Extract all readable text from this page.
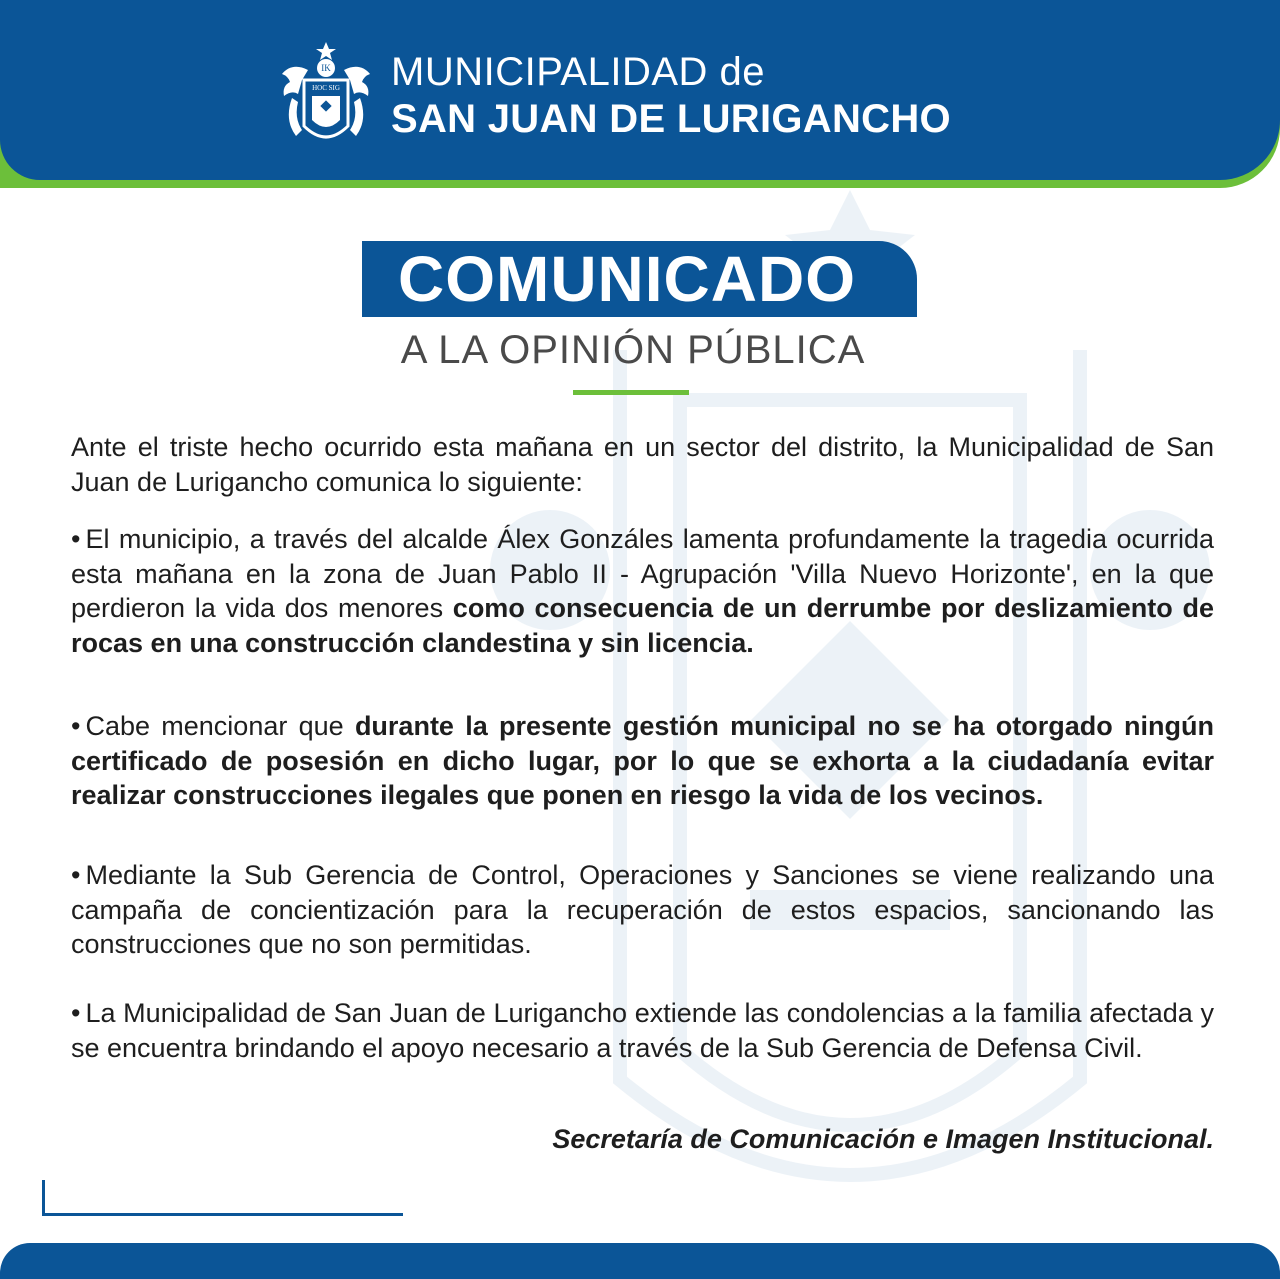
IK
HOC SIG MUNICIPALIDAD de
SAN JUAN DE LURIGANCHO
COMUNICADO
A LA OPINIÓN PÚBLICA

Ante el triste hecho ocurrido esta mañana en un sector del distrito, la Municipalidad de San Juan de Lurigancho comunica lo siguiente:

• El municipio, a través del alcalde Álex Gonzáles lamenta profundamente la tragedia ocurrida esta mañana en la zona de Juan Pablo II - Agrupación 'Villa Nuevo Horizonte', en la que perdieron la vida dos menores como consecuencia de un derrumbe por deslizamiento de rocas en una construcción clandestina y sin licencia.

• Cabe mencionar que durante la presente gestión municipal no se ha otorgado ningún certificado de posesión en dicho lugar, por lo que se exhorta a la ciudadanía evitar realizar construcciones ilegales que ponen en riesgo la vida de los vecinos.

• Mediante la Sub Gerencia de Control, Operaciones y Sanciones se viene realizando una campaña de concientización para la recuperación de estos espacios, sancionando las construcciones que no son permitidas.

• La Municipalidad de San Juan de Lurigancho extiende las condolencias a la familia afectada y se encuentra brindando el apoyo necesario a través de la Sub Gerencia de Defensa Civil.

Secretaría de Comunicación e Imagen Institucional.
